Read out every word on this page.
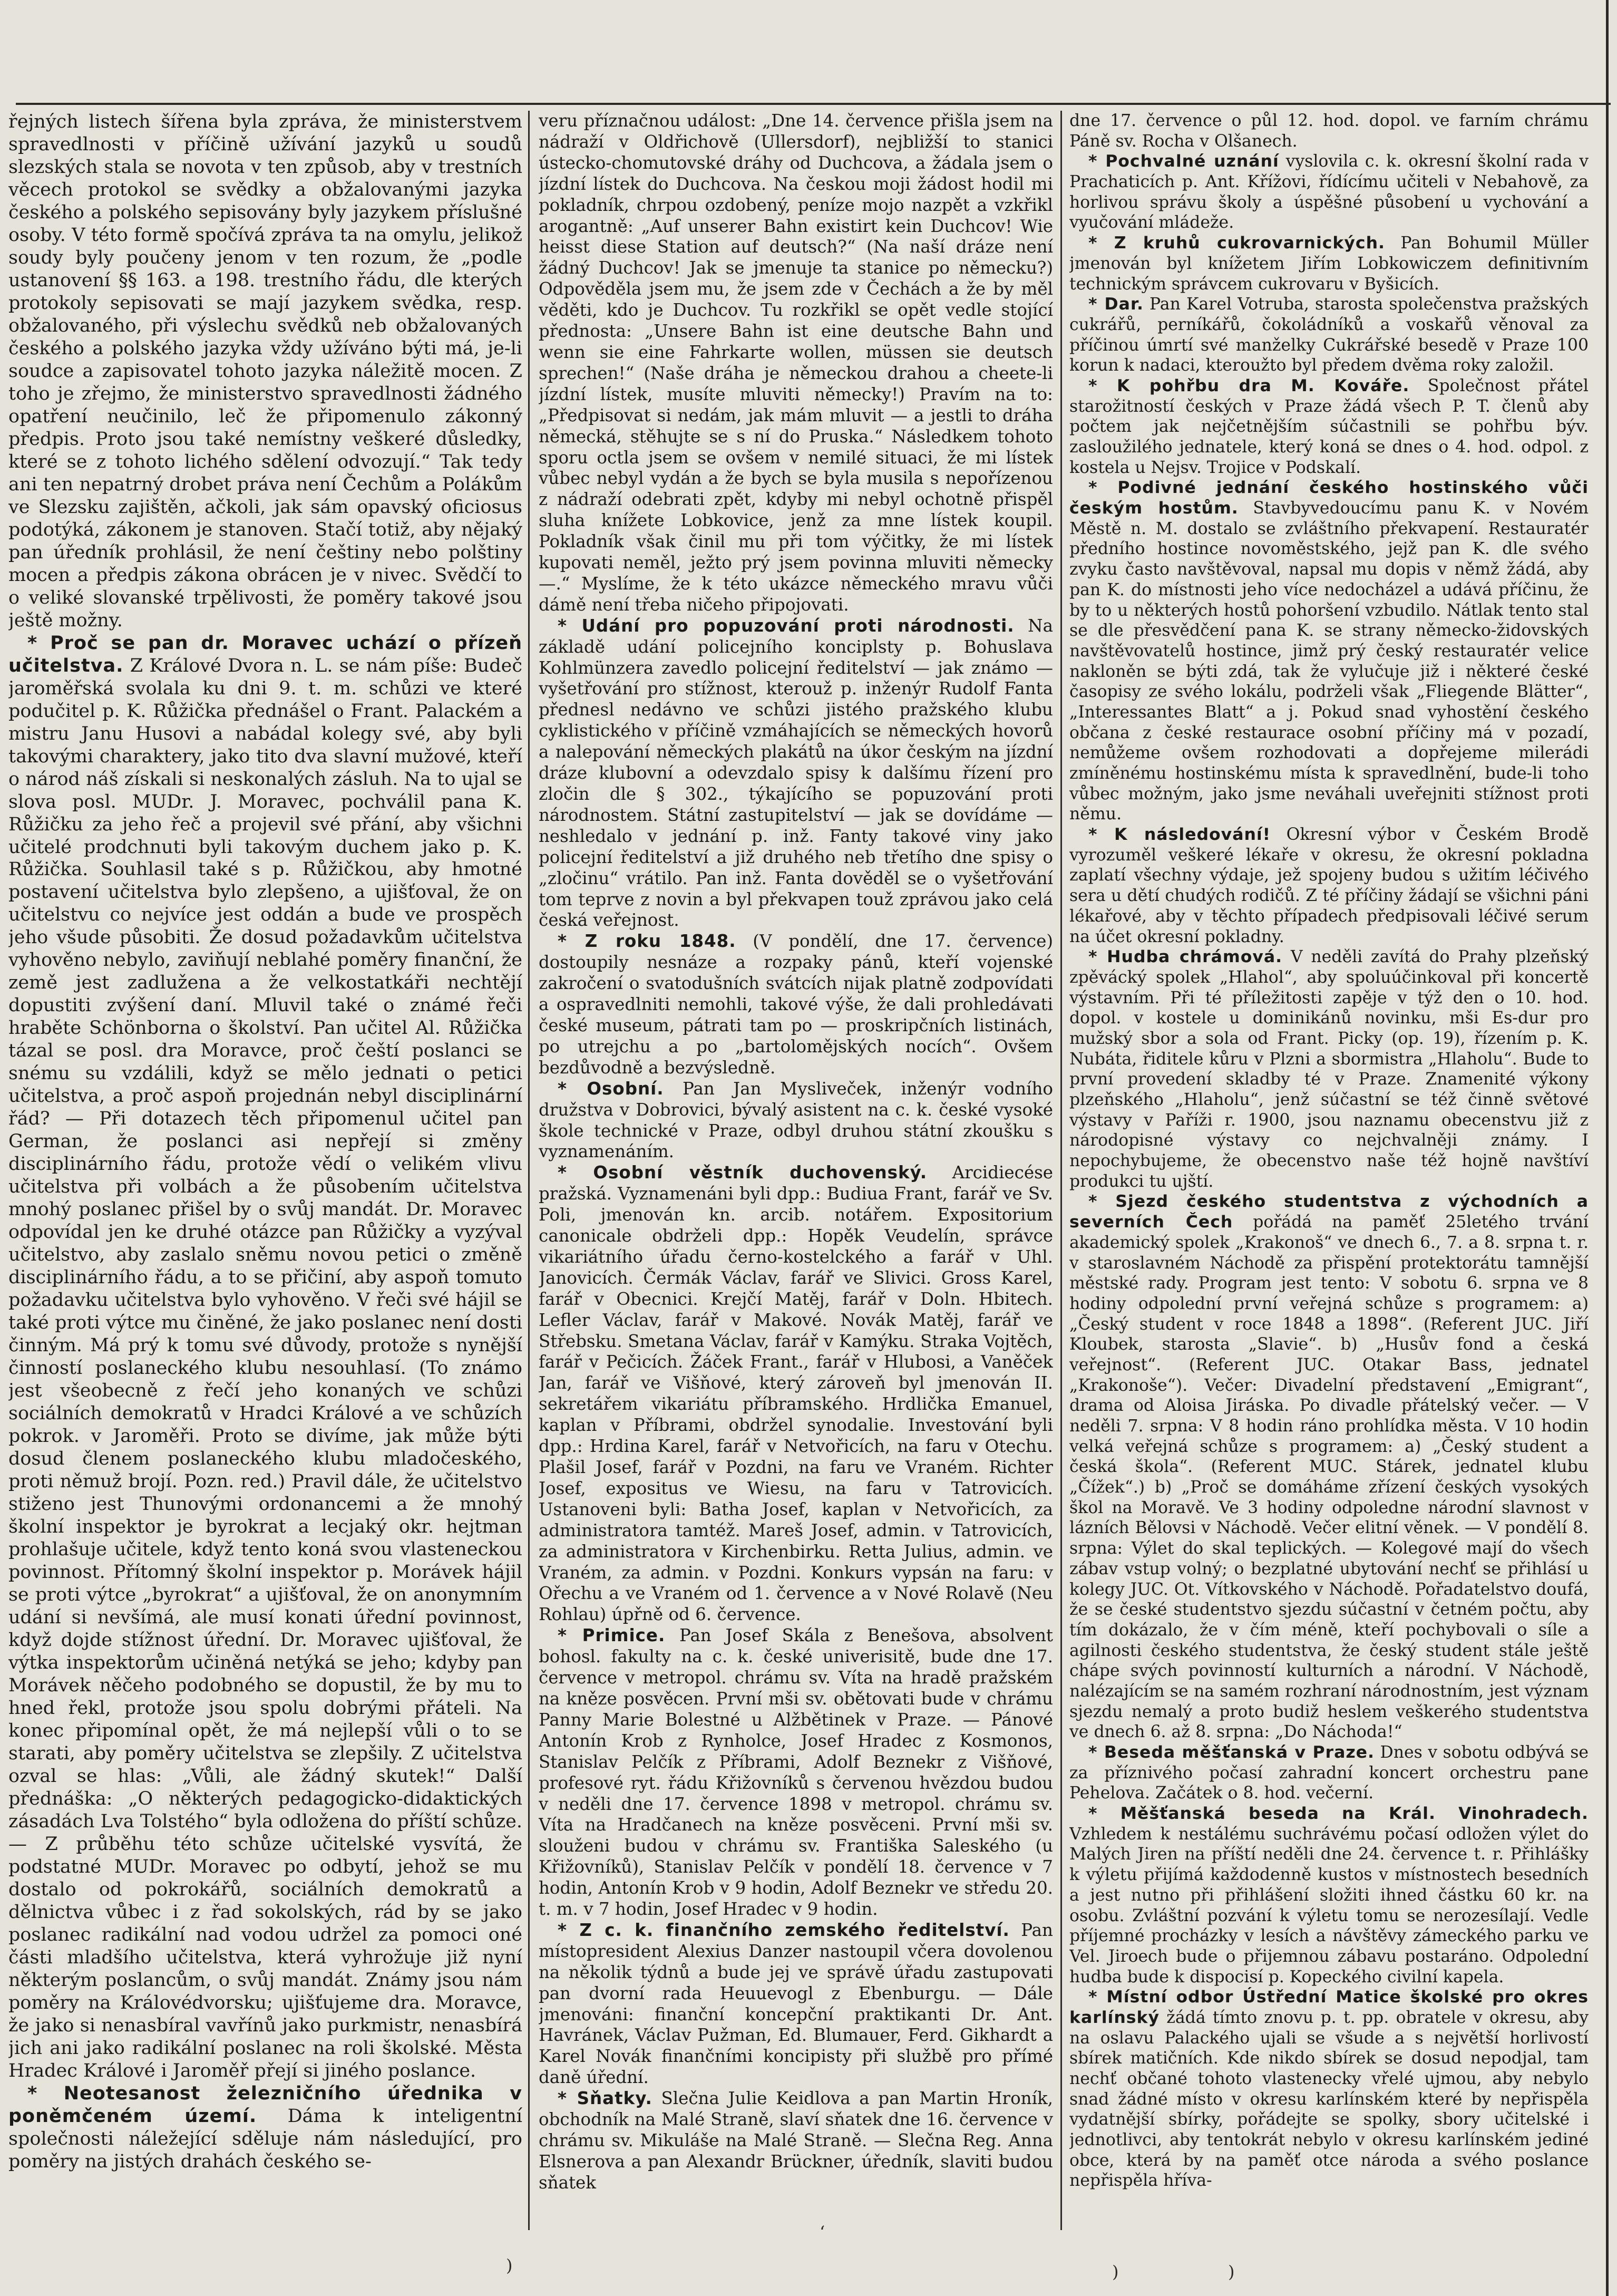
řejných listech šířena byla zpráva, že ministerstvem spravedlnosti v příčině užívání jazyků u soudů slezských stala se novota v ten způsob, aby v trestních věcech protokol se svědky a obžalovanými jazyka českého a polského sepisovány byly jazykem příslušné osoby. V této formě spočívá zpráva ta na omylu, jelikož soudy byly poučeny jenom v ten rozum, že „podle ustanovení §§ 163. a 198. trestního řádu, dle kterých protokoly sepisovati se mají jazykem svědka, resp. obžalovaného, při výslechu svědků neb obžalovaných českého a polského jazyka vždy užíváno býti má, je-li soudce a zapisovatel tohoto jazyka náležitě mocen. Z toho je zřejmo, že ministerstvo spravedlnosti žádného opatření neučinilo, leč že připomenulo zákonný předpis. Proto jsou také nemístny veškeré důsledky, které se z tohoto lichého sdělení odvozují.“ Tak tedy ani ten nepatrný drobet práva není Čechům a Polákům ve Slezsku zajištěn, ačkoli, jak sám opavský oficiosus podotýká, zákonem je stanoven. Stačí totiž, aby nějaký pan úředník prohlásil, že není češtiny nebo polštiny mocen a předpis zákona obrácen je v nivec. Svědčí to o veliké slovanské trpělivosti, že poměry takové jsou ještě možny.

* Proč se pan dr. Moravec uchází o přízeň učitelstva. Z Králové Dvora n. L. se nám píše: Budeč jaroměřská svolala ku dni 9. t. m. schůzi ve které podučitel p. K. Růžička přednášel o Frant. Palackém a mistru Janu Husovi a nabádal kolegy své, aby byli takovými charaktery, jako tito dva slavní mužové, kteří o národ náš získali si neskonalých zásluh. Na to ujal se slova posl. MUDr. J. Moravec, pochválil pana K. Růžičku za jeho řeč a projevil své přání, aby všichni učitelé prodchnuti byli takovým duchem jako p. K. Růžička. Souhlasil také s p. Růžičkou, aby hmotné postavení učitelstva bylo zlepšeno, a ujišťoval, že on učitelstvu co nejvíce jest oddán a bude ve prospěch jeho všude působiti. Že dosud požadavkům učitelstva vyhověno nebylo, zaviňují neblahé poměry finanční, že země jest zadlužena a že velkostatkáři nechtějí dopustiti zvýšení daní. Mluvil také o známé řeči hraběte Schönborna o školství. Pan učitel Al. Růžička tázal se posl. dra Moravce, proč čeští poslanci se snému su vzdálili, když se mělo jednati o petici učitelstva, a proč aspoň projednán nebyl disciplinární řád? — Při dotazech těch připomenul učitel pan German, že poslanci asi nepřejí si změny disciplinárního řádu, protože vědí o velikém vlivu učitelstva při volbách a že působením učitelstva mnohý poslanec přišel by o svůj mandát. Dr. Moravec odpovídal jen ke druhé otázce pan Růžičky a vyzýval učitelstvo, aby zaslalo sněmu novou petici o změně disciplinárního řádu, a to se přičiní, aby aspoň tomuto požadavku učitelstva bylo vyhověno. V řeči své hájil se také proti výtce mu činěné, že jako poslanec není dosti činným. Má prý k tomu své důvody, protože s nynější činností poslaneckého klubu nesouhlasí. (To známo jest všeobecně z řečí jeho konaných ve schůzi sociálních demokratů v Hradci Králové a ve schůzích pokrok. v Jaroměři. Proto se divíme, jak může býti dosud členem poslaneckého klubu mladočeského, proti němuž brojí. Pozn. red.) Pravil dále, že učitelstvo stiženo jest Thunovými ordonancemi a že mnohý školní inspektor je byrokrat a lecjaký okr. hejtman prohlašuje učitele, když tento koná svou vlasteneckou povinnost. Přítomný školní inspektor p. Morávek hájil se proti výtce „byrokrat“ a ujišťoval, že on anonymním udání si nevšímá, ale musí konati úřední povinnost, když dojde stížnost úřední. Dr. Moravec ujišťoval, že výtka inspektorům učiněná netýká se jeho; kdyby pan Morávek něčeho podobného se dopustil, že by mu to hned řekl, protože jsou spolu dobrými přáteli. Na konec připomínal opět, že má nejlepší vůli o to se starati, aby poměry učitelstva se zlepšily. Z učitelstva ozval se hlas: „Vůli, ale žádný skutek!“ Další přednáška: „O některých pedagogicko-didaktických zásadách Lva Tolstého“ byla odložena do příští schůze. — Z průběhu této schůze učitelské vysvítá, že podstatné MUDr. Moravec po odbytí, jehož se mu dostalo od pokrokářů, sociálních demokratů a dělnictva vůbec i z řad sokolských, rád by se jako poslanec radikální nad vodou udržel za pomoci oné části mladšího učitelstva, která vyhrožuje již nyní některým poslancům, o svůj mandát. Známy jsou nám poměry na Královédvorsku; ujišťujeme dra. Moravce, že jako si nenasbíral vavřínů jako purkmistr, nenasbírá jich ani jako radikální poslanec na roli školské. Města Hradec Králové i Jaroměř přejí si jiného poslance.

* Neotesanost železničního úřednika v poněmčeném území. Dáma k inteligentní společnosti náležející sděluje nám následující, pro poměry na jistých drahách českého se-

veru příznačnou událost: „Dne 14. července přišla jsem na nádraží v Oldřichově (Ullersdorf), nejbližší to stanici ústecko-chomutovské dráhy od Duchcova, a žádala jsem o jízdní lístek do Duchcova. Na českou moji žádost hodil mi pokladník, chrpou ozdobený, peníze mojo nazpět a vzkřikl arogantně: „Auf unserer Bahn existirt kein Duchcov! Wie heisst diese Station auf deutsch?“ (Na naší dráze není žádný Duchcov! Jak se jmenuje ta stanice po německu?) Odpověděla jsem mu, že jsem zde v Čechách a že by měl věděti, kdo je Duchcov. Tu rozkřikl se opět vedle stojící přednosta: „Unsere Bahn ist eine deutsche Bahn und wenn sie eine Fahrkarte wollen, müssen sie deutsch sprechen!“ (Naše dráha je německou drahou a cheete-li jízdní lístek, musíte mluviti německy!) Pravím na to: „Předpisovat si nedám, jak mám mluvit — a jestli to dráha německá, stěhujte se s ní do Pruska.“ Následkem tohoto sporu octla jsem se ovšem v nemilé situaci, že mi lístek vůbec nebyl vydán a že bych se byla musila s nepořízenou z nádraží odebrati zpět, kdyby mi nebyl ochotně přispěl sluha knížete Lobkovice, jenž za mne lístek koupil. Pokladník však činil mu při tom výčitky, že mi lístek kupovati neměl, ježto prý jsem povinna mluviti německy —.“ Myslíme, že k této ukázce německého mravu vůči dámě není třeba ničeho připojovati.

* Udání pro popuzování proti národnosti. Na základě udání policejního konciplsty p. Bohuslava Kohlmünzera zavedlo policejní ředitelství — jak známo — vyšetřování pro stížnost, kterouž p. inženýr Rudolf Fanta přednesl nedávno ve schůzi jistého pražského klubu cyklistického v příčině vzmáhajících se německých hovorů a nalepování německých plakátů na úkor českým na jízdní dráze klubovní a odevzdalo spisy k dalšímu řízení pro zločin dle § 302., týkajícího se popuzování proti národnostem. Státní zastupitelství — jak se dovídáme — neshledalo v jednání p. inž. Fanty takové viny jako policejní ředitelství a již druhého neb třetího dne spisy o „zločinu“ vrátilo. Pan inž. Fanta dověděl se o vyšetřování tom teprve z novin a byl překvapen touž zprávou jako celá česká veřejnost.

* Z roku 1848. (V pondělí, dne 17. července) dostoupily nesnáze a rozpaky pánů, kteří vojenské zakročení o svatodušních svátcích nijak platně zodpovídati a ospravedlniti nemohli, takové výše, že dali prohledávati české museum, pátrati tam po — proskripčních listinách, po utrejchu a po „bartolomějských nocích“. Ovšem bezdůvodně a bezvýsledně.

* Osobní. Pan Jan Mysliveček, inženýr vodního družstva v Dobrovici, bývalý asistent na c. k. české vysoké škole technické v Praze, odbyl druhou státní zkoušku s vyznamenáním.

* Osobní věstník duchovenský. Arcidiecése pražská. Vyznamenáni byli dpp.: Budiua Frant, farář ve Sv. Poli, jmenován kn. arcib. notářem. Expositorium canonicale obdrželi dpp.: Hopěk Veudelín, správce vikariátního úřadu černo-kostelckého a farář v Uhl. Janovicích. Čermák Václav, farář ve Slivici. Gross Karel, farář v Obecnici. Krejčí Matěj, farář v Doln. Hbitech. Lefler Václav, farář v Makové. Novák Matěj, farář ve Střebsku. Smetana Václav, farář v Kamýku. Straka Vojtěch, farář v Pečicích. Žáček Frant., farář v Hlubosi, a Vaněček Jan, farář ve Višňové, který zároveň byl jmenován II. sekretářem vikariátu příbramského. Hrdlička Emanuel, kaplan v Příbrami, obdržel synodalie. Investování byli dpp.: Hrdina Karel, farář v Netvořicích, na faru v Otechu. Plašil Josef, farář v Pozdni, na faru ve Vraném. Richter Josef, expositus ve Wiesu, na faru v Tatrovicích. Ustanoveni byli: Batha Josef, kaplan v Netvořicích, za administratora tamtéž. Mareš Josef, admin. v Tatrovicích, za administratora v Kirchenbirku. Retta Julius, admin. ve Vraném, za admin. v Pozdni. Konkurs vypsán na faru: v Ořechu a ve Vraném od 1. července a v Nové Rolavě (Neu Rohlau) úpřně od 6. července.

* Primice. Pan Josef Skála z Benešova, absolvent bohosl. fakulty na c. k. české univerisitě, bude dne 17. července v metropol. chrámu sv. Víta na hradě pražském na kněze posvěcen. První mši sv. obětovati bude v chrámu Panny Marie Bolestné u Alžbětinek v Praze. — Pánové Antonín Krob z Rynholce, Josef Hradec z Kosmonos, Stanislav Pelčík z Příbrami, Adolf Beznekr z Višňové, profesové ryt. řádu Křižovníků s červenou hvězdou budou v neděli dne 17. července 1898 v metropol. chrámu sv. Víta na Hradčanech na kněze posvěceni. První mši sv. slouženi budou v chrámu sv. Františka Saleského (u Křižovníků), Stanislav Pelčík v pondělí 18. července v 7 hodin, Antonín Krob v 9 hodin, Adolf Beznekr ve středu 20. t. m. v 7 hodin, Josef Hradec v 9 hodin.

* Z c. k. finančního zemského ředitelství. Pan místopresident Alexius Danzer nastoupil včera dovolenou na několik týdnů a bude jej ve správě úřadu zastupovati pan dvorní rada Heuuevogl z Ebenburgu. — Dále jmenováni: finanční koncepční praktikanti Dr. Ant. Havránek, Václav Pužman, Ed. Blumauer, Ferd. Gikhardt a Karel Novák finančními koncipisty při službě pro přímé daně úřední.

* Sňatky. Slečna Julie Keidlova a pan Martin Hroník, obchodník na Malé Straně, slaví sňatek dne 16. července v chrámu sv. Mikuláše na Malé Straně. — Slečna Reg. Anna Elsnerova a pan Alexandr Brückner, úředník, slaviti budou sňatek

dne 17. července o půl 12. hod. dopol. ve farním chrámu Páně sv. Rocha v Olšanech.

* Pochvalné uznání vyslovila c. k. okresní školní rada v Prachaticích p. Ant. Křížovi, řídícímu učiteli v Nebahově, za horlivou správu školy a úspěšné působení u vychování a vyučování mládeže.

* Z kruhů cukrovarnických. Pan Bohumil Müller jmenován byl knížetem Jiřím Lobkowiczem definitivním technickým správcem cukrovaru v Byšicích.

* Dar. Pan Karel Votruba, starosta společenstva pražských cukrářů, perníkářů, čokoládníků a voskařů věnoval za příčinou úmrtí své manželky Cukrářské besedě v Praze 100 korun k nadaci, kteroužto byl předem dvěma roky založil.

* K pohřbu dra M. Kováře. Společnost přátel starožitností českých v Praze žádá všech P. T. členů aby počtem jak nejčetnějším súčastnili se pohřbu býv. zasloužilého jednatele, který koná se dnes o 4. hod. odpol. z kostela u Nejsv. Trojice v Podskalí.

* Podivné jednání českého hostinského vůči českým hostům. Stavbyvedoucímu panu K. v Novém Městě n. M. dostalo se zvláštního překvapení. Restauratér předního hostince novoměstského, jejž pan K. dle svého zvyku často navštěvoval, napsal mu dopis v němž žádá, aby pan K. do místnosti jeho více nedocházel a udává příčinu, že by to u některých hostů pohoršení vzbudilo. Nátlak tento stal se dle přesvědčení pana K. se strany německo-židovských navštěvovatelů hostince, jimž prý český restauratér velice nakloněn se býti zdá, tak že vylučuje již i některé české časopisy ze svého lokálu, podrželi však „Fliegende Blätter“, „Interessantes Blatt“ a j. Pokud snad vyhostění českého občana z české restaurace osobní příčiny má v pozadí, nemůžeme ovšem rozhodovati a dopřejeme milerádi zmíněnému hostinskému místa k spravedlnění, bude-li toho vůbec možným, jako jsme neváhali uveřejniti stížnost proti němu.

* K následování! Okresní výbor v Českém Brodě vyrozuměl veškeré lékaře v okresu, že okresní pokladna zaplatí všechny výdaje, jež spojeny budou s užitím léčivého sera u dětí chudých rodičů. Z té příčiny žádají se všichni páni lékařové, aby v těchto případech předpisovali léčivé serum na účet okresní pokladny.

* Hudba chrámová. V neděli zavítá do Prahy plzeňský zpěvácký spolek „Hlahol“, aby spoluúčinkoval při koncertě výstavním. Při té příležitosti zapěje v týž den o 10. hod. dopol. v kostele u dominikánů novinku, mši Es-dur pro mužský sbor a sola od Frant. Picky (op. 19), řízením p. K. Nubáta, řiditele kůru v Plzni a sbormistra „Hlaholu“. Bude to první provedení skladby té v Praze. Znamenité výkony plzeňského „Hlaholu“, jenž súčastní se též činně světové výstavy v Paříži r. 1900, jsou naznamu obecenstvu již z národopisné výstavy co nejchvalněji známy. I nepochybujeme, že obecenstvo naše též hojně navštíví produkci tu ujští.

* Sjezd českého studentstva z východních a severních Čech pořádá na paměť 25letého trvání akademický spolek „Krakonoš“ ve dnech 6., 7. a 8. srpna t. r. v staroslavném Náchodě za přispění protektorátu tamnější městské rady. Program jest tento: V sobotu 6. srpna ve 8 hodiny odpolední první veřejná schůze s programem: a) „Český student v roce 1848 a 1898“. (Referent JUC. Jiří Kloubek, starosta „Slavie“. b) „Husův fond a česká veřejnost“. (Referent JUC. Otakar Bass, jednatel „Krakonoše“). Večer: Divadelní představení „Emigrant“, drama od Aloisa Jiráska. Po divadle přátelský večer. — V neděli 7. srpna: V 8 hodin ráno prohlídka města. V 10 hodin velká veřejná schůze s programem: a) „Český student a česká škola“. (Referent MUC. Stárek, jednatel klubu „Čížek“.) b) „Proč se domáháme zřízení českých vysokých škol na Moravě. Ve 3 hodiny odpoledne národní slavnost v lázních Bělovsi v Náchodě. Večer elitní věnek. — V pondělí 8. srpna: Výlet do skal teplických. — Kolegové mají do všech zábav vstup volný; o bezplatné ubytování nechť se přihlásí u kolegy JUC. Ot. Vítkovského v Náchodě. Pořadatelstvo doufá, že se české studentstvo sjezdu súčastní v četném počtu, aby tím dokázalo, že v čím méně, kteří pochybovali o síle a agilnosti českého studentstva, že český student stále ještě chápe svých povinností kulturních a národní. V Náchodě, nalézajícím se na samém rozhraní národnostním, jest význam sjezdu nemalý a proto budiž heslem veškerého studentstva ve dnech 6. až 8. srpna: „Do Náchoda!“

* Beseda měšťanská v Praze. Dnes v sobotu odbývá se za příznivého počasí zahradní koncert orchestru pane Pehelova. Začátek o 8. hod. večerní.

* Měšťanská beseda na Král. Vinohradech. Vzhledem k nestálému suchrávému počasí odložen výlet do Malých Jiren na příští neděli dne 24. července t. r. Přihlášky k výletu přijímá každodenně kustos v místnostech besedních a jest nutno při přihlášení složiti ihned částku 60 kr. na osobu. Zvláštní pozvání k výletu tomu se nerozesílají. Vedle příjemné procházky v lesích a návštěvy zámeckého parku ve Vel. Jiroech bude o přijemnou zábavu postaráno. Odpolední hudba bude k dispocisí p. Kopeckého civilní kapela.

* Místní odbor Ústřední Matice školské pro okres karlínský žádá tímto znovu p. t. pp. obratele v okresu, aby na oslavu Palackého ujali se všude a s největší horlivostí sbírek matičních. Kde nikdo sbírek se dosud nepodjal, tam nechť občané tohoto vlastenecky vřelé ujmou, aby nebylo snad žádné místo v okresu karlínském které by nepřispěla vydatnější sbírky, pořádejte se spolky, sbory učitelské i jednotlivci, aby tentokrát nebylo v okresu karlínském jediné obce, která by na paměť otce národa a svého poslance nepřispěla hříva-

)
‘
)	)
